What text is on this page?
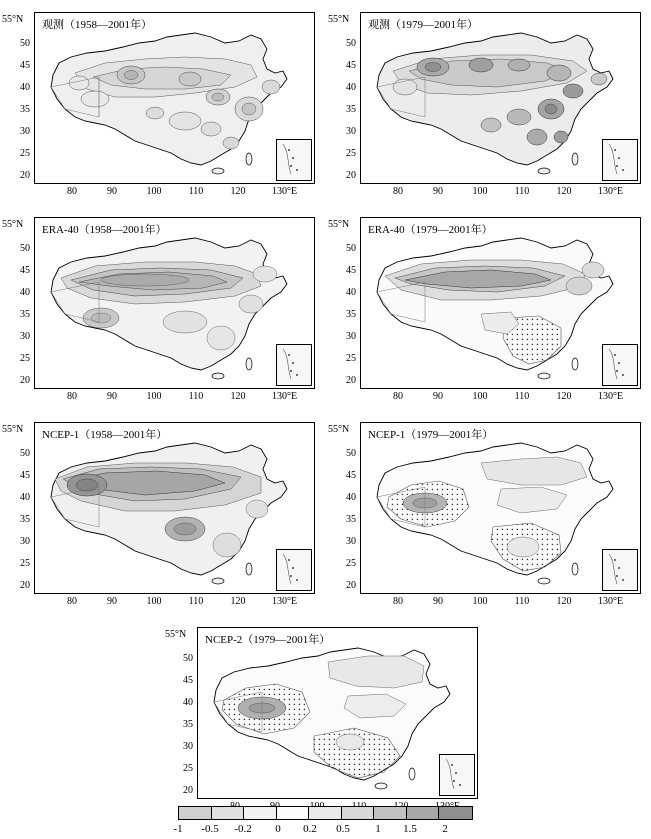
55°N
50
45
40
35
30
25
20
80	90	100	110	120	130°E
观测（1958—2001年）	55°N
50
45
40
35
30
25
20
80	90	100	110	120	130°E
观测（1979—2001年）
55°N
50
45
40
35
30
25
20
80	90	100	110	120	130°E
ERA-40（1958—2001年）	55°N
50
45
40
35
30
25
20
80	90	100	110	120	130°E
ERA-40（1979—2001年）
55°N
50
45
40
35
30
25
20
80	90	100	110	120	130°E
NCEP-1（1958—2001年）	55°N
50
45
40
35
30
25
20
80	90	100	110	120	130°E
NCEP-1（1979—2001年）
55°N
50
45
40
35
30
25
20
NCEP-2（1979—2001年）
-1	-0.5	-0.2	0	0.2	0.5	1	1.5	2
